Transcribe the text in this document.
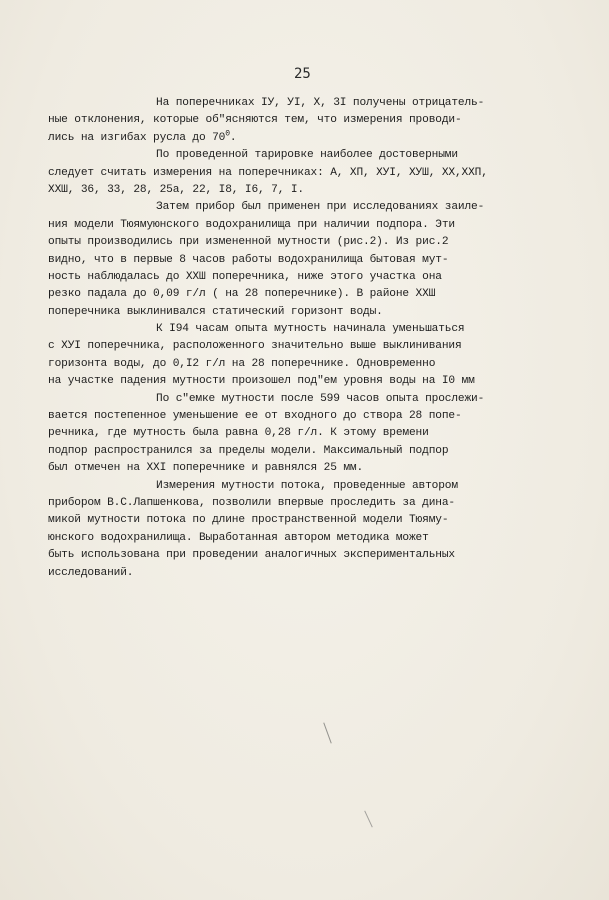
25
На поперечниках IУ, УI, X, 3I получены отрицатель-
ные отклонения, которые об"ясняются тем, что измерения проводи-
лись на изгибах русла до $70^0$.
По проведенной тарировке наиболее достоверными
следует считать измерения на поперечниках: А, ХП, ХУI, ХУШ, ХХ,ХХП,
ХХШ, 36, 33, 28, 25а, 22, I8, I6, 7, I.
Затем прибор был применен при исследованиях заиле-
ния модели Тюямуюнского водохранилища при наличии подпора. Эти
опыты производились при измененной мутности (рис.2). Из рис.2
видно, что в первые 8 часов работы водохранилища бытовая мут-
ность наблюдалась до ХХШ поперечника, ниже этого участка она
резко падала до 0,09 г/л ( на 28 поперечнике). В районе ХХШ
поперечника выклинивался статический горизонт воды.
К I94 часам опыта мутность начинала уменьшаться
с ХУI поперечника, расположенного значительно выше выклинивания
горизонта воды, до 0,I2 г/л на 28 поперечнике. Одновременно
на участке падения мутности произошел под"ем уровня воды на I0 мм
По с"емке мутности после 599 часов опыта прослежи-
вается постепенное уменьшение ее от входного до створа 28 попе-
речника, где мутность была равна 0,28 г/л. К этому времени
подпор распространился за пределы модели. Максимальный подпор
был отмечен на ХХI поперечнике и равнялся 25 мм.
Измерения мутности потока, проведенные автором
прибором В.С.Лапшенкова, позволили впервые проследить за дина-
микой мутности потока по длине пространственной модели Тюяму-
юнского водохранилища. Выработанная автором методика может
быть использована при проведении аналогичных экспериментальных
исследований.
